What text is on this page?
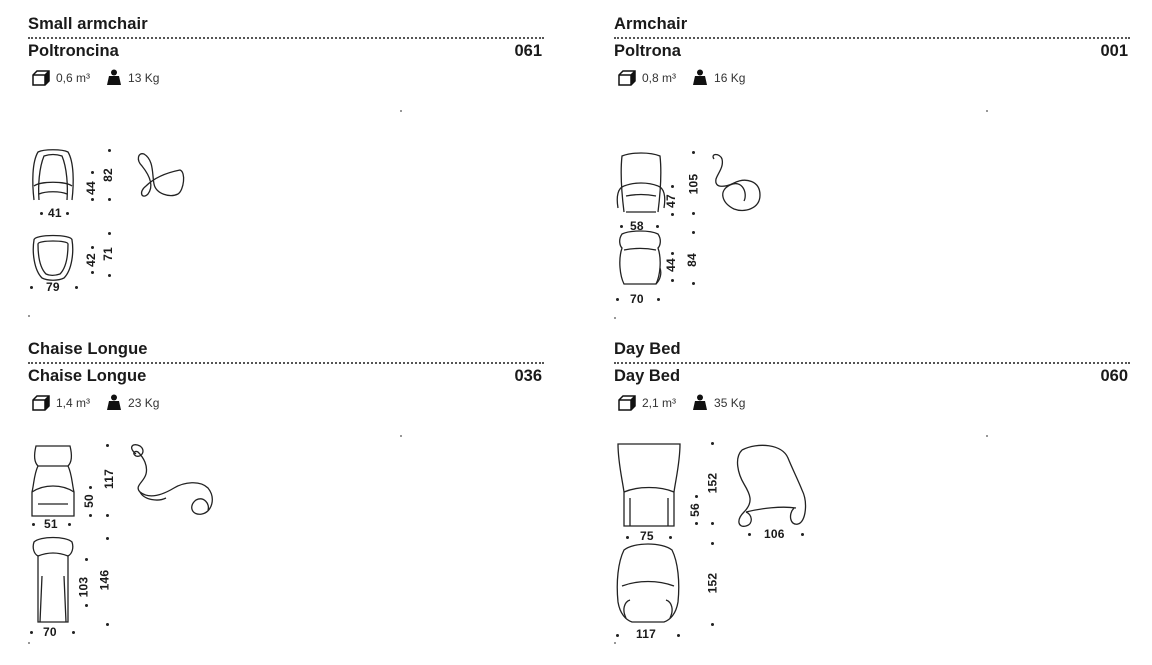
Small armchair
Poltroncina	061
0,6 m³	13 Kg
41
44
82
79
42 71
Armchair
Poltrona	001
0,8 m³	16 Kg
58
47
105
70
44 84
Chaise Longue
Chaise Longue	036
1,4 m³	23 Kg
51
50
117
70
103 146
Day Bed
Day Bed	060
2,1 m³	35 Kg
75
56
152
106
117
152
